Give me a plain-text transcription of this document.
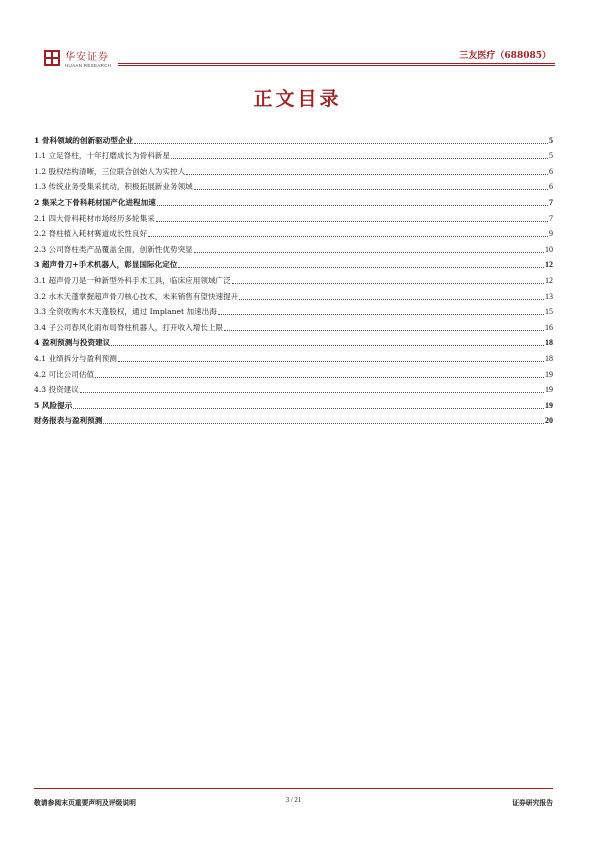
华安证券
HUAAN RESEARCH
三友医疗（688085）
正文目录
1 骨科领域的创新驱动型企业	5
1.1 立足脊柱，十年打磨成长为骨科新星	5
1.2 股权结构清晰，三位联合创始人为实控人	6
1.3 传统业务受集采扰动，积极拓展新业务领域	6
2 集采之下骨科耗材国产化进程加速	7
2.1 四大骨科耗材市场经历多轮集采	7
2.2 脊柱植入耗材赛道成长性良好	9
2.3 公司脊柱类产品覆盖全面，创新性优势突显	10
3 超声骨刀+手术机器人，彰显国际化定位	12
3.1 超声骨刀是一种新型外科手术工具，临床应用领域广泛	12
3.2 水木天蓬掌握超声骨刀核心技术，未来销售有望快速提升	13
3.3 全资收购水木天蓬股权，通过 Implanet 加速出海	15
3.4 子公司春风化雨布局脊柱机器人，打开收入增长上限	16
4 盈利预测与投资建议	18
4.1 业绩拆分与盈利预测	18
4.2 可比公司估值	19
4.3 投资建议	19
5 风险提示	19
财务报表与盈利预测	20
敬请参阅末页重要声明及评级说明	3 / 21	证券研究报告
